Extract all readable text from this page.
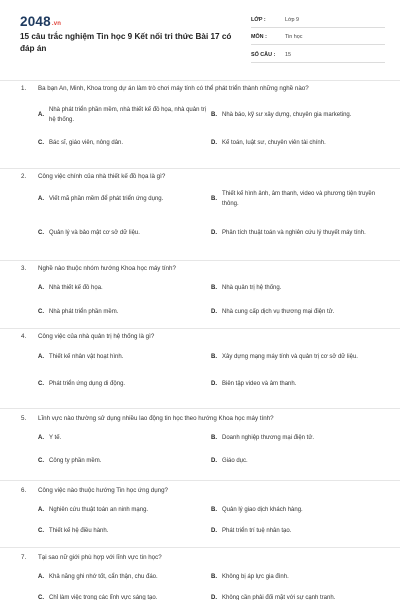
2048.vn
15 câu trắc nghiệm Tin học 9 Kết nối tri thức Bài 17 có đáp án
LỚP :	Lớp 9
MÔN :	Tin học
SỐ CÂU :	15
1.	Ba bạn An, Minh, Khoa trong dự án làm trò chơi máy tính có thể phát triển thành những nghề nào?
A.
Nhà phát triển phần mềm, nhà thiết kế đồ họa, nhà quản trị hệ thống.
B. Nhà báo, kỹ sư xây dựng, chuyên gia marketing.
C. Bác sĩ, giáo viên, nông dân.	D. Kế toán, luật sư, chuyên viên tài chính.
2.	Công việc chính của nhà thiết kế đồ họa là gì?
A. Viết mã phần mềm để phát triển ứng dụng.	B.
Thiết kế hình ảnh, âm thanh, video và phương tiện truyền thông.
C. Quản lý và bảo mật cơ sở dữ liệu.	D. Phân tích thuật toán và nghiên cứu lý thuyết máy tính.
3.	Nghề nào thuộc nhóm hướng Khoa học máy tính?
A. Nhà thiết kế đồ họa.	B. Nhà quản trị hệ thống.
C. Nhà phát triển phần mềm.	D. Nhà cung cấp dịch vụ thương mại điện tử.
4.	Công việc của nhà quản trị hệ thống là gì?
A. Thiết kế nhân vật hoạt hình.	B. Xây dựng mạng máy tính và quản trị cơ sở dữ liệu.
C. Phát triển ứng dụng di động.	D. Biên tập video và âm thanh.
5.	Lĩnh vực nào thường sử dụng nhiều lao động tin học theo hướng Khoa học máy tính?
A. Y tế.	B. Doanh nghiệp thương mại điện tử.
C. Công ty phần mềm.	D. Giáo dục.
6.	Công việc nào thuộc hướng Tin học ứng dụng?
A. Nghiên cứu thuật toán an ninh mạng.	B. Quản lý giao dịch khách hàng.
C. Thiết kế hệ điều hành.	D. Phát triển trí tuệ nhân tạo.
7.	Tại sao nữ giới phù hợp với lĩnh vực tin học?
A. Khả năng ghi nhớ tốt, cẩn thận, chu đáo.	B. Không bị áp lực gia đình.
C. Chỉ làm việc trong các lĩnh vực sáng tạo.	D. Không cần phải đối mặt với sự cạnh tranh.
